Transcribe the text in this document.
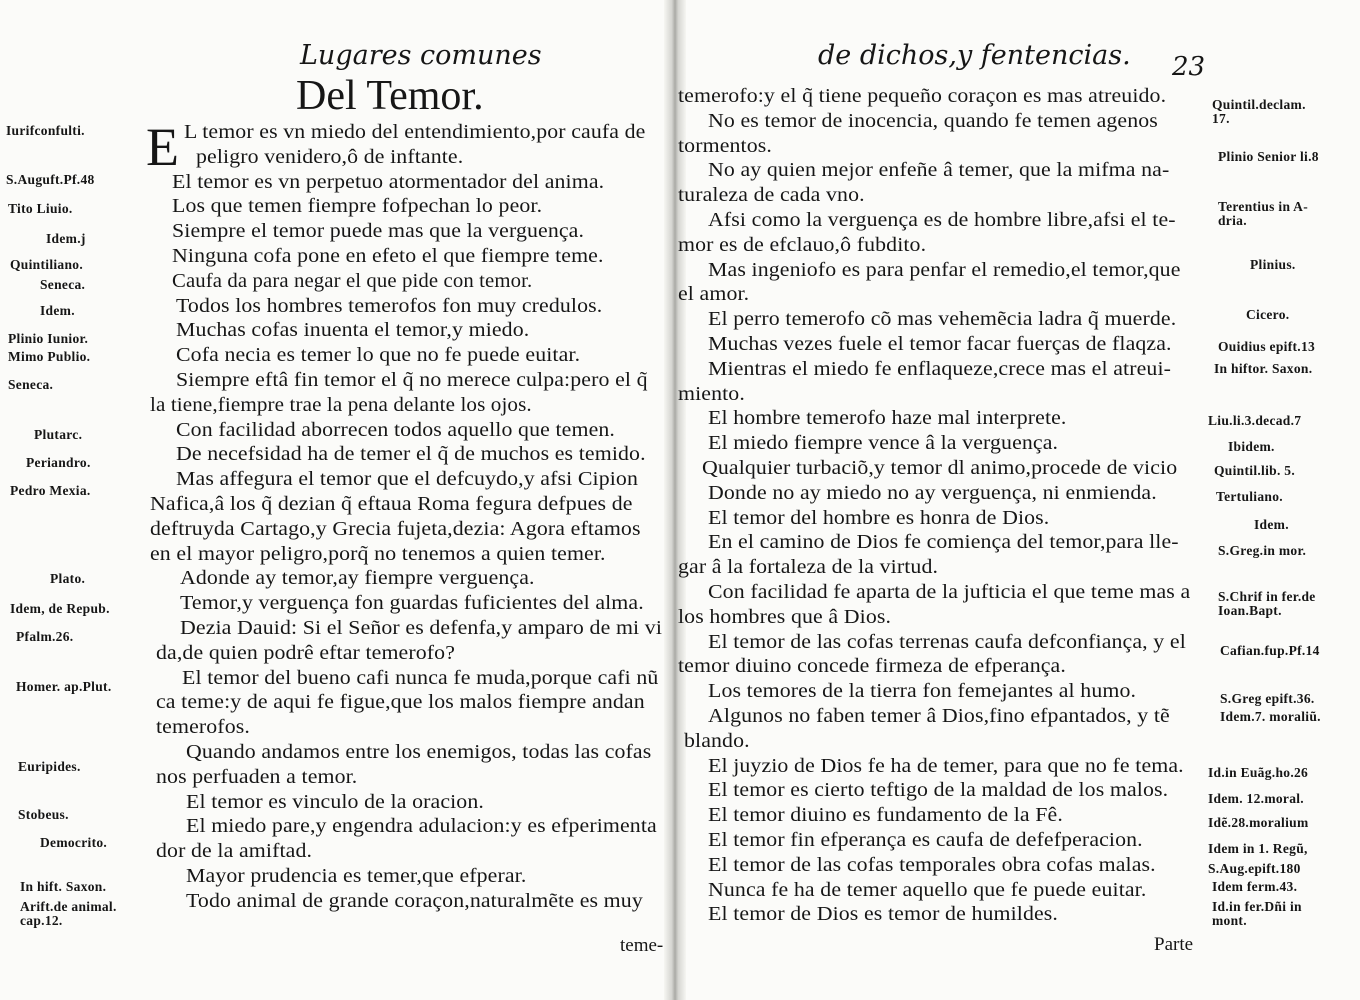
Lugares comunes
Del Temor.
E L temor es vn miedo del entendimiento,por caufa de
peligro venidero,ô de inftante.
El temor es vn perpetuo atormentador del anima.
Los que temen fiempre fofpechan lo peor.
Siempre el temor puede mas que la verguença.
Ninguna cofa pone en efeto el que fiempre teme.
Caufa da para negar el que pide con temor.
Todos los hombres temerofos fon muy credulos.
Muchas cofas inuenta el temor,y miedo.
Cofa necia es temer lo que no fe puede euitar.
Siempre eftâ fin temor el q̃ no merece culpa:pero el q̃
la tiene,fiempre trae la pena delante los ojos.
Con facilidad aborrecen todos aquello que temen.
De necefsidad ha de temer el q̃ de muchos es temido.
Mas affegura el temor que el defcuydo,y afsi Cipion
Nafica,â los q̃ dezian q̃ eftaua Roma fegura defpues de
deftruyda Cartago,y Grecia fujeta,dezia: Agora eftamos
en el mayor peligro,porq̃ no tenemos a quien temer.
Adonde ay temor,ay fiempre verguença.
Temor,y verguença fon guardas fuficientes del alma.
Dezia Dauid: Si el Señor es defenfa,y amparo de mi vi
da,de quien podrê eftar temerofo?
El temor del bueno cafi nunca fe muda,porque cafi nũ
ca teme:y de aqui fe figue,que los malos fiempre andan
temerofos.
Quando andamos entre los enemigos, todas las cofas
nos perfuaden a temor.
El temor es vinculo de la oracion.
El miedo pare,y engendra adulacion:y es efperimenta
dor de la amiftad.
Mayor prudencia es temer,que efperar.
Todo animal de grande coraçon,naturalmẽte es muy
Iurifconfulti.
S.Auguft.Pf.48
Tito Liuio.
Idem.j
Quintiliano.
Seneca.
Idem.
Plinio Iunior.
Mimo Publio.
Seneca.
Plutarc.
Periandro.
Pedro Mexia.
Plato.
Idem, de Repub.
Pfalm.26.
Homer. ap.Plut.
Euripides.
Stobeus.
Democrito.
In hift. Saxon.
Arift.de animal.
cap.12.
teme-
de dichos,y fentencias. 23
temerofo:y el q̃ tiene pequeño coraçon es mas atreuido.
No es temor de inocencia, quando fe temen agenos
tormentos.
No ay quien mejor enfeñe â temer, que la mifma na-
turaleza de cada vno.
Afsi como la verguença es de hombre libre,afsi el te-
mor es de efclauo,ô fubdito.
Mas ingeniofo es para penfar el remedio,el temor,que
el amor.
El perro temerofo cõ mas vehemẽcia ladra q̃ muerde.
Muchas vezes fuele el temor facar fuerças de flaqza.
Mientras el miedo fe enflaqueze,crece mas el atreui-
miento.
El hombre temerofo haze mal interprete.
El miedo fiempre vence â la verguença.
Qualquier turbaciõ,y temor dl animo,procede de vicio
Donde no ay miedo no ay verguença, ni enmienda.
El temor del hombre es honra de Dios.
En el camino de Dios fe comiença del temor,para lle-
gar â la fortaleza de la virtud.
Con facilidad fe aparta de la jufticia el que teme mas a
los hombres que â Dios.
El temor de las cofas terrenas caufa defconfiança, y el
temor diuino concede firmeza de efperança.
Los temores de la tierra fon femejantes al humo.
Algunos no faben temer â Dios,fino efpantados, y tẽ
blando.
El juyzio de Dios fe ha de temer, para que no fe tema.
El temor es cierto teftigo de la maldad de los malos.
El temor diuino es fundamento de la Fê.
El temor fin efperança es caufa de defefperacion.
El temor de las cofas temporales obra cofas malas.
Nunca fe ha de temer aquello que fe puede euitar.
El temor de Dios es temor de humildes.
Quintil.declam.
17.
Plinio Senior li.8
Terentius in A-
dria.
Plinius.
Cicero.
Ouidius epift.13
In hiftor. Saxon.
Liu.li.3.decad.7
Ibidem.
Quintil.lib. 5.
Tertuliano.
Idem.
S.Greg.in mor.
S.Chrif in fer.de
Ioan.Bapt.
Cafian.fup.Pf.14
S.Greg epift.36.
Idem.7. moraliũ.
Id.in Euãg.ho.26
Idem. 12.moral.
Idẽ.28.moralium
Idem in 1. Regũ,
S.Aug.epift.180
Idem ferm.43.
Id.in fer.Dñi in
mont.
Parte
